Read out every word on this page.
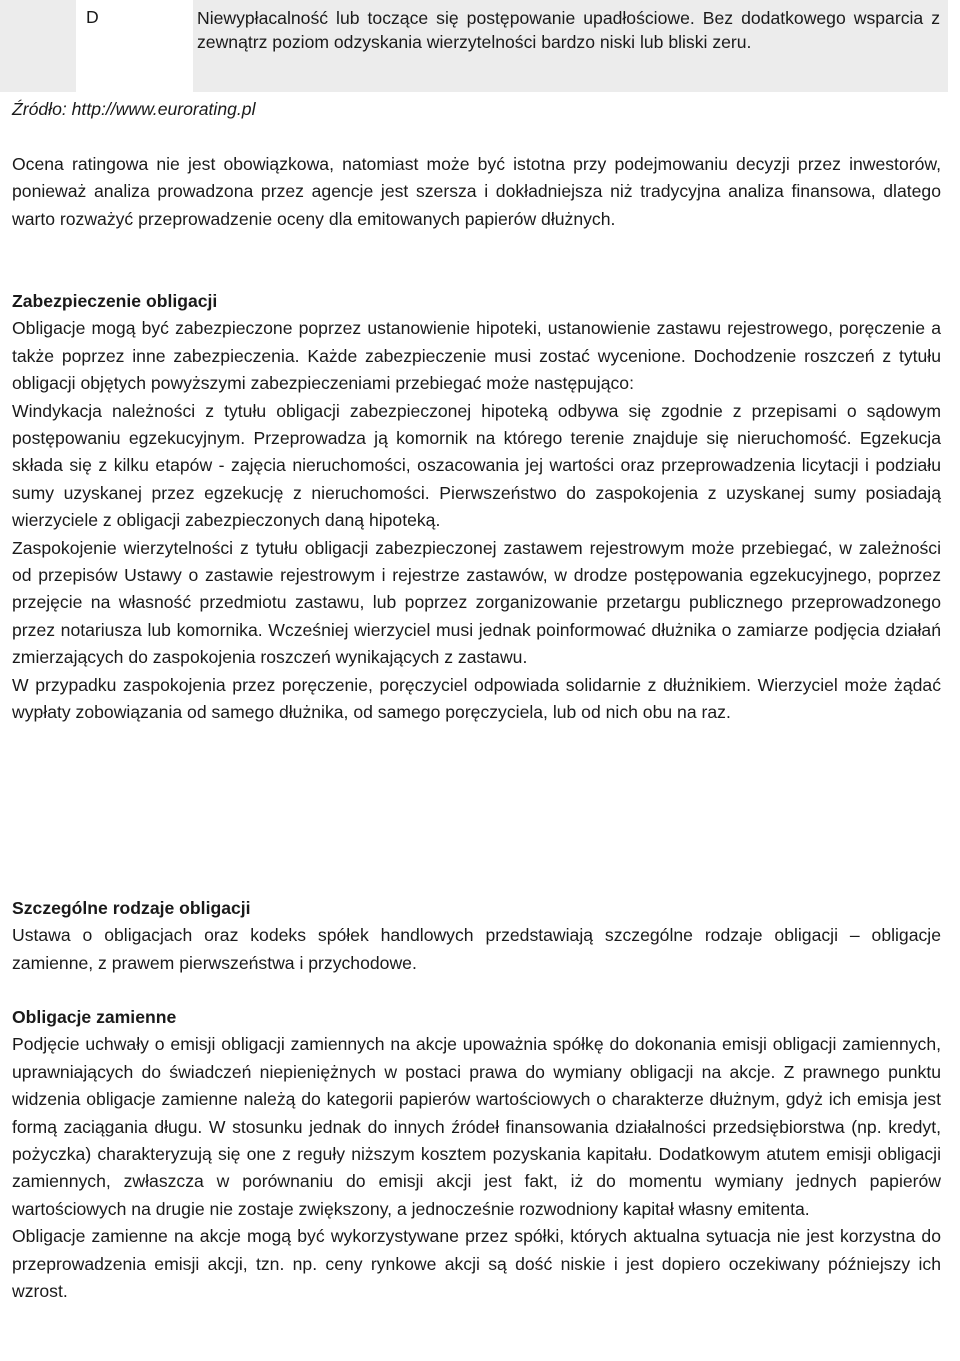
D	Niewypłacalność lub toczące się postępowanie upadłościowe. Bez dodatkowego wsparcia z zewnątrz poziom odzyskania wierzytelności bardzo niski lub bliski zeru.
Źródło: http://www.eurorating.pl

Ocena ratingowa nie jest obowiązkowa, natomiast może być istotna przy podejmowaniu decyzji przez inwestorów, ponieważ analiza prowadzona przez agencje jest szersza i dokładniejsza niż tradycyjna analiza finansowa, dlatego warto rozważyć przeprowadzenie oceny dla emitowanych papierów dłużnych.

Zabezpieczenie obligacji

Obligacje mogą być zabezpieczone poprzez ustanowienie hipoteki, ustanowienie zastawu rejestrowego, poręczenie a także poprzez inne zabezpieczenia. Każde zabezpieczenie musi zostać wycenione. Dochodzenie roszczeń z tytułu obligacji objętych powyższymi zabezpieczeniami przebiegać może następująco:

Windykacja należności z tytułu obligacji zabezpieczonej hipoteką odbywa się zgodnie z przepisami o sądowym postępowaniu egzekucyjnym. Przeprowadza ją komornik na którego terenie znajduje się nieruchomość. Egzekucja składa się z kilku etapów - zajęcia nieruchomości, oszacowania jej wartości oraz przeprowadzenia licytacji i podziału sumy uzyskanej przez egzekucję z nieruchomości. Pierwszeństwo do zaspokojenia z uzyskanej sumy posiadają wierzyciele z obligacji zabezpieczonych daną hipoteką.

Zaspokojenie wierzytelności z tytułu obligacji zabezpieczonej zastawem rejestrowym może przebiegać, w zależności od przepisów Ustawy o zastawie rejestrowym i rejestrze zastawów, w drodze postępowania egzekucyjnego, poprzez przejęcie na własność przedmiotu zastawu, lub poprzez zorganizowanie przetargu publicznego przeprowadzonego przez notariusza lub komornika. Wcześniej wierzyciel musi jednak poinformować dłużnika o zamiarze podjęcia działań zmierzających do zaspokojenia roszczeń wynikających z zastawu.

W przypadku zaspokojenia przez poręczenie, poręczyciel odpowiada solidarnie z dłużnikiem. Wierzyciel może żądać wypłaty zobowiązania od samego dłużnika, od samego poręczyciela, lub od nich obu na raz.

Szczególne rodzaje obligacji

Ustawa o obligacjach oraz kodeks spółek handlowych przedstawiają szczególne rodzaje obligacji – obligacje zamienne, z prawem pierwszeństwa i przychodowe.

Obligacje zamienne

Podjęcie uchwały o emisji obligacji zamiennych na akcje upoważnia spółkę do dokonania emisji obligacji zamiennych, uprawniających do świadczeń niepieniężnych w postaci prawa do wymiany obligacji na akcje. Z prawnego punktu widzenia obligacje zamienne należą do kategorii papierów wartościowych o charakterze dłużnym, gdyż ich emisja jest formą zaciągania długu. W stosunku jednak do innych źródeł finansowania działalności przedsiębiorstwa (np. kredyt, pożyczka) charakteryzują się one z reguły niższym kosztem pozyskania kapitału. Dodatkowym atutem emisji obligacji zamiennych, zwłaszcza w porównaniu do emisji akcji jest fakt, iż do momentu wymiany jednych papierów wartościowych na drugie nie zostaje zwiększony, a jednocześnie rozwodniony kapitał własny emitenta.

Obligacje zamienne na akcje mogą być wykorzystywane przez spółki, których aktualna sytuacja nie jest korzystna do przeprowadzenia emisji akcji, tzn. np. ceny rynkowe akcji są dość niskie i jest dopiero oczekiwany późniejszy ich wzrost.
